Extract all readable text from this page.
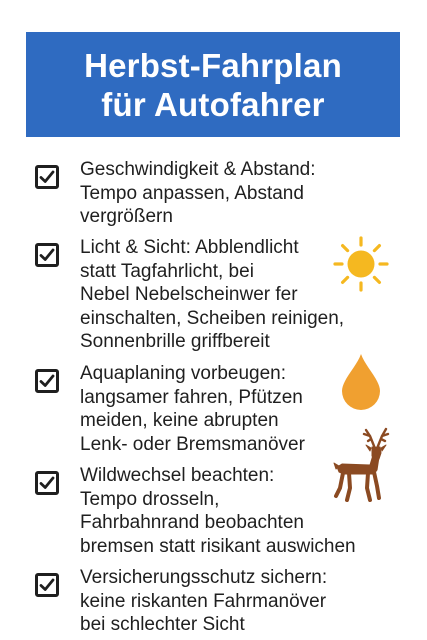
Herbst-Fahrplan
für Autofahrer
Geschwindigkeit & Abstand:
Tempo anpassen, Abstand
vergrößern
Licht & Sicht: Abblendlicht
statt Tagfahrlicht, bei
Nebel Nebelscheinwer fer
einschalten, Scheiben reinigen,
Sonnenbrille griffbereit
Aquaplaning vorbeugen:
langsamer fahren, Pfützen
meiden, keine abrupten
Lenk- oder Bremsmanöver
Wildwechsel beachten:
Tempo drosseln,
Fahrbahnrand beobachten
bremsen statt risikant auswichen
Versicherungsschutz sichern:
keine riskanten Fahrmanöver
bei schlechter Sicht
